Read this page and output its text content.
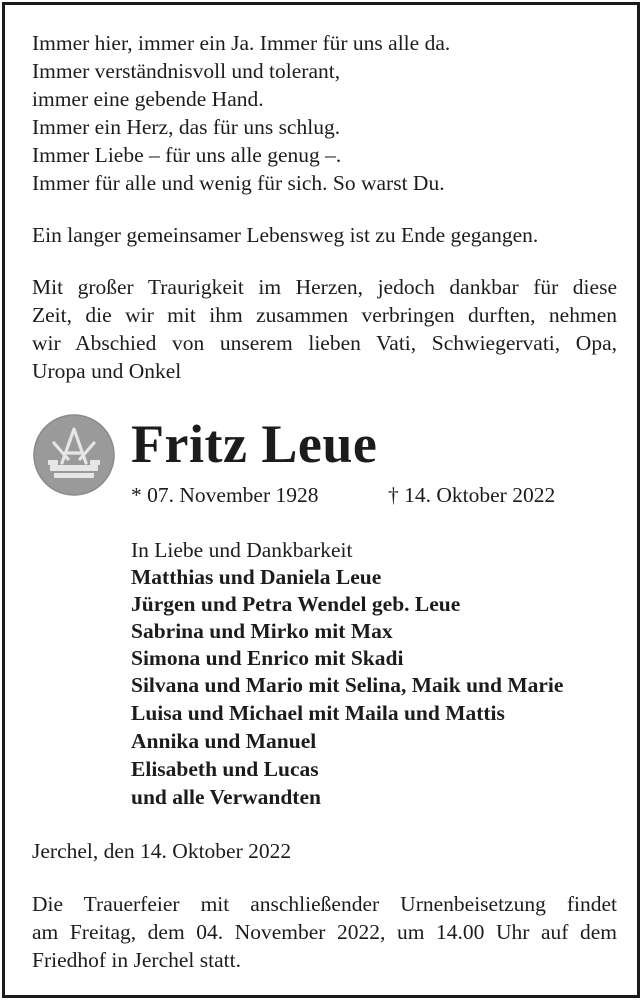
Immer hier, immer ein Ja. Immer für uns alle da.
Immer verständnisvoll und tolerant,
immer eine gebende Hand.
Immer ein Herz, das für uns schlug.
Immer Liebe – für uns alle genug –.
Immer für alle und wenig für sich. So warst Du.
Ein langer gemeinsamer Lebensweg ist zu Ende gegangen.
Mit großer Traurigkeit im Herzen, jedoch dankbar für diese
Zeit, die wir mit ihm zusammen verbringen durften, nehmen
wir Abschied von unserem lieben Vati, Schwiegervati, Opa,
Uropa und Onkel
Fritz Leue
* 07. November 1928	† 14. Oktober 2022
In Liebe und Dankbarkeit
Matthias und Daniela Leue
Jürgen und Petra Wendel geb. Leue
Sabrina und Mirko mit Max
Simona und Enrico mit Skadi
Silvana und Mario mit Selina, Maik und Marie
Luisa und Michael mit Maila und Mattis
Annika und Manuel
Elisabeth und Lucas
und alle Verwandten
Jerchel, den 14. Oktober 2022
Die Trauerfeier mit anschließender Urnenbeisetzung findet
am Freitag, dem 04. November 2022, um 14.00 Uhr auf dem
Friedhof in Jerchel statt.
